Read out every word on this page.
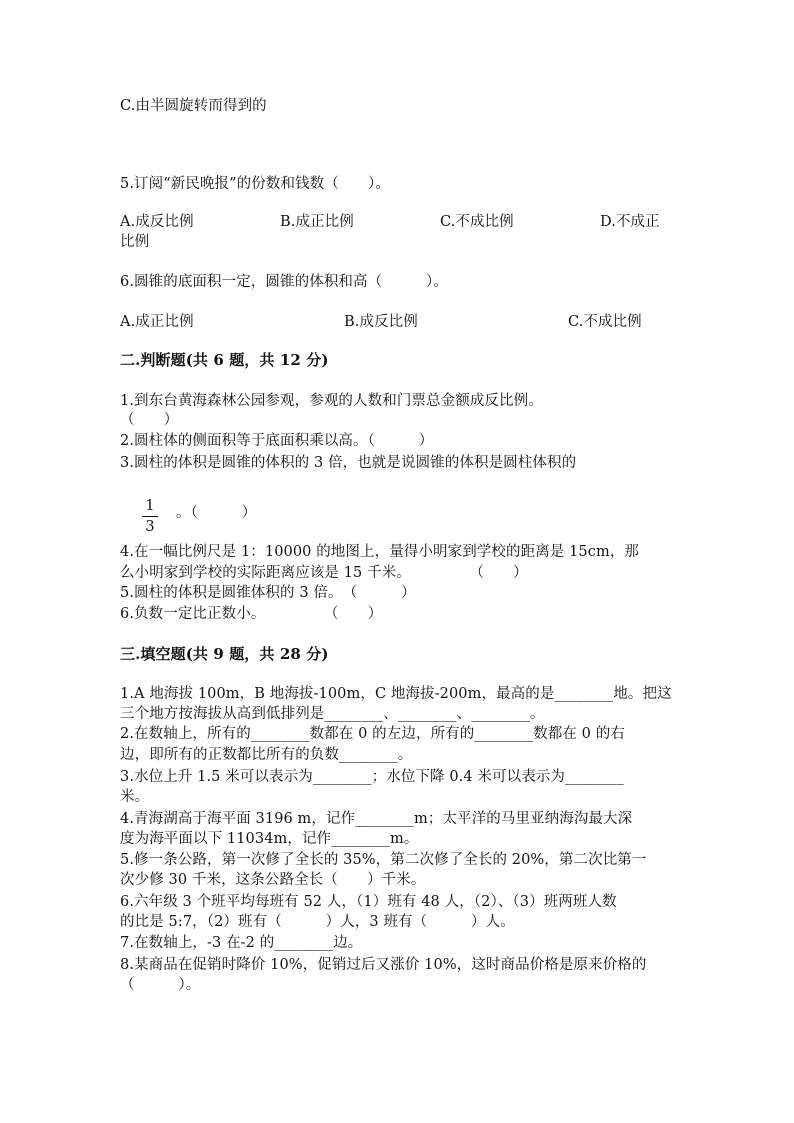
C.由半圆旋转而得到的
5.订阅“新民晚报”的份数和钱数（　　）。
A.成反比例	B.成正比例	C.不成比例	D.不成正
比例
6.圆锥的底面积一定，圆锥的体积和高（　　　）。
A.成正比例	B.成反比例	C.不成比例
二.判断题(共 6 题，共 12 分)
1.到东台黄海森林公园参观，参观的人数和门票总金额成反比例。
（　　）
2.圆柱体的侧面积等于底面积乘以高。（　　　）
3.圆柱的体积是圆锥的体积的 3 倍，也就是说圆锥的体积是圆柱体积的
1
3
。（　　　）
4.在一幅比例尺是 1：10000 的地图上，量得小明家到学校的距离是 15cm，那
么小明家到学校的实际距离应该是 15 千米。　　　　　（　　）
5.圆柱的体积是圆锥体积的 3 倍。　（　　　）
6.负数一定比正数小。　　　　　（　　）
三.填空题(共 9 题，共 28 分)
1.A 地海拔 100m，B 地海拔-100m，C 地海拔-200m，最高的是________地。把这
三个地方按海拔从高到低排列是________、________、________。
2.在数轴上，所有的________数都在 0 的左边，所有的________数都在 0 的右
边，即所有的正数都比所有的负数________。
3.水位上升 1.5 米可以表示为________；水位下降 0.4 米可以表示为________
米。
4.青海湖高于海平面 3196 m，记作________m；太平洋的马里亚纳海沟最大深
度为海平面以下 11034m，记作________m。
5.修一条公路，第一次修了全长的 35%，第二次修了全长的 20%，第二次比第一
次少修 30 千米，这条公路全长（　　）千米。
6.六年级 3 个班平均每班有 52 人，（1）班有 48 人，（2）、（3）班两班人数
的比是 5:7，（2）班有（　　　）人，3 班有（　　　）人。
7.在数轴上，-3 在-2 的________边。
8.某商品在促销时降价 10%，促销过后又涨价 10%，这时商品价格是原来价格的
（　　　）。
